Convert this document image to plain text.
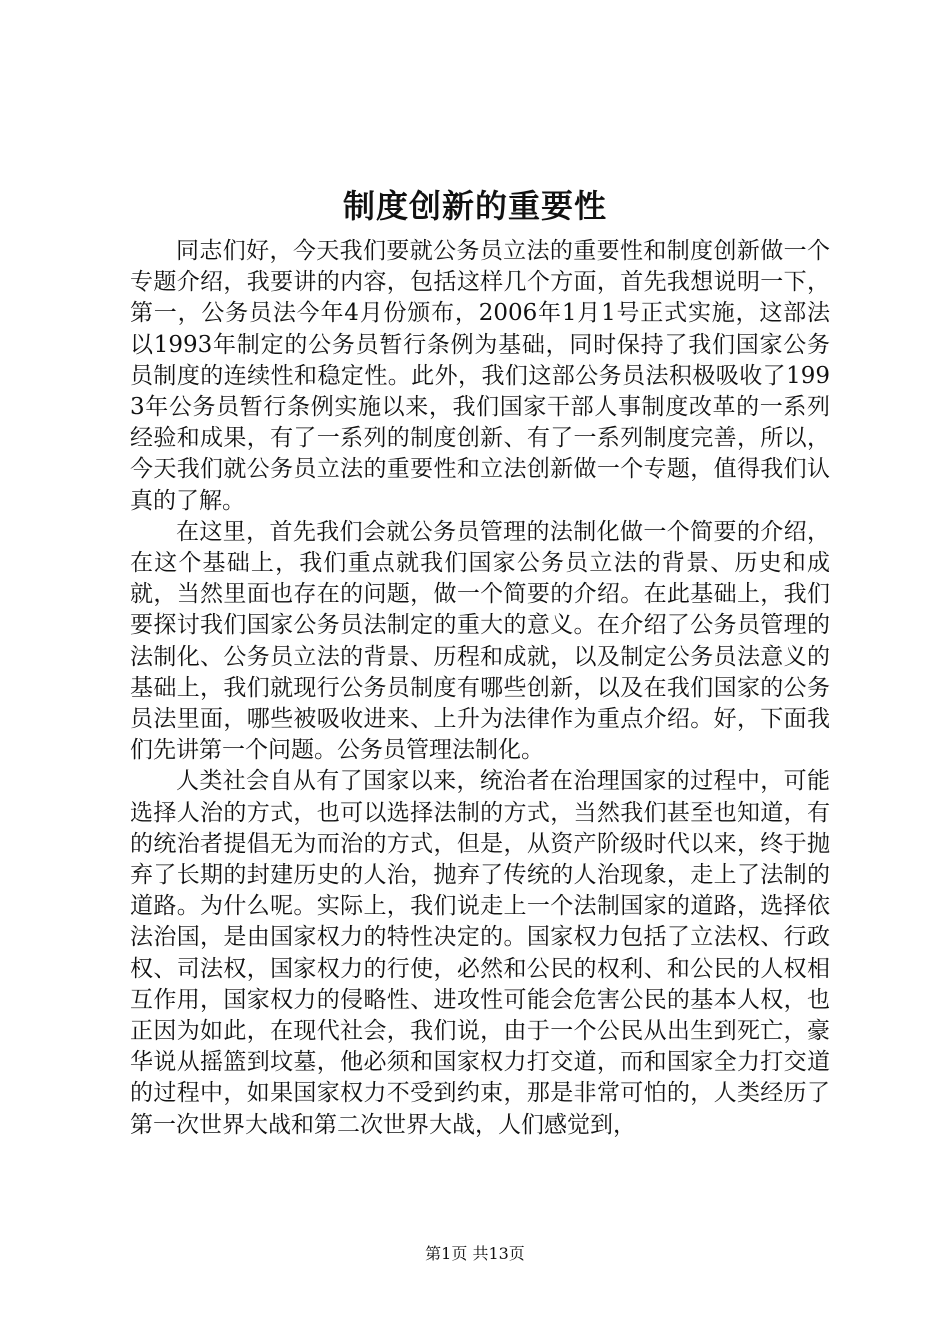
制度创新的重要性

同志们好，今天我们要就公务员立法的重要性和制度创新做一个专题介绍，我要讲的内容，包括这样几个方面，首先我想说明一下，第一，公务员法今年4月份颁布，2006年1月1号正式实施，这部法以1993年制定的公务员暂行条例为基础，同时保持了我们国家公务员制度的连续性和稳定性。此外，我们这部公务员法积极吸收了1993年公务员暂行条例实施以来，我们国家干部人事制度改革的一系列经验和成果，有了一系列的制度创新、有了一系列制度完善，所以，今天我们就公务员立法的重要性和立法创新做一个专题，值得我们认真的了解。

在这里，首先我们会就公务员管理的法制化做一个简要的介绍，在这个基础上，我们重点就我们国家公务员立法的背景、历史和成就，当然里面也存在的问题，做一个简要的介绍。在此基础上，我们要探讨我们国家公务员法制定的重大的意义。在介绍了公务员管理的法制化、公务员立法的背景、历程和成就，以及制定公务员法意义的基础上，我们就现行公务员制度有哪些创新，以及在我们国家的公务员法里面，哪些被吸收进来、上升为法律作为重点介绍。好，下面我们先讲第一个问题。公务员管理法制化。

人类社会自从有了国家以来，统治者在治理国家的过程中，可能选择人治的方式，也可以选择法制的方式，当然我们甚至也知道，有的统治者提倡无为而治的方式，但是，从资产阶级时代以来，终于抛弃了长期的封建历史的人治，抛弃了传统的人治现象，走上了法制的道路。为什么呢。实际上，我们说走上一个法制国家的道路，选择依法治国，是由国家权力的特性决定的。国家权力包括了立法权、行政权、司法权，国家权力的行使，必然和公民的权利、和公民的人权相互作用，国家权力的侵略性、进攻性可能会危害公民的基本人权，也正因为如此，在现代社会，我们说，由于一个公民从出生到死亡，豪华说从摇篮到坟墓，他必须和国家权力打交道，而和国家全力打交道的过程中，如果国家权力不受到约束，那是非常可怕的，人类经历了第一次世界大战和第二次世界大战，人们感觉到，

第1页 共13页
